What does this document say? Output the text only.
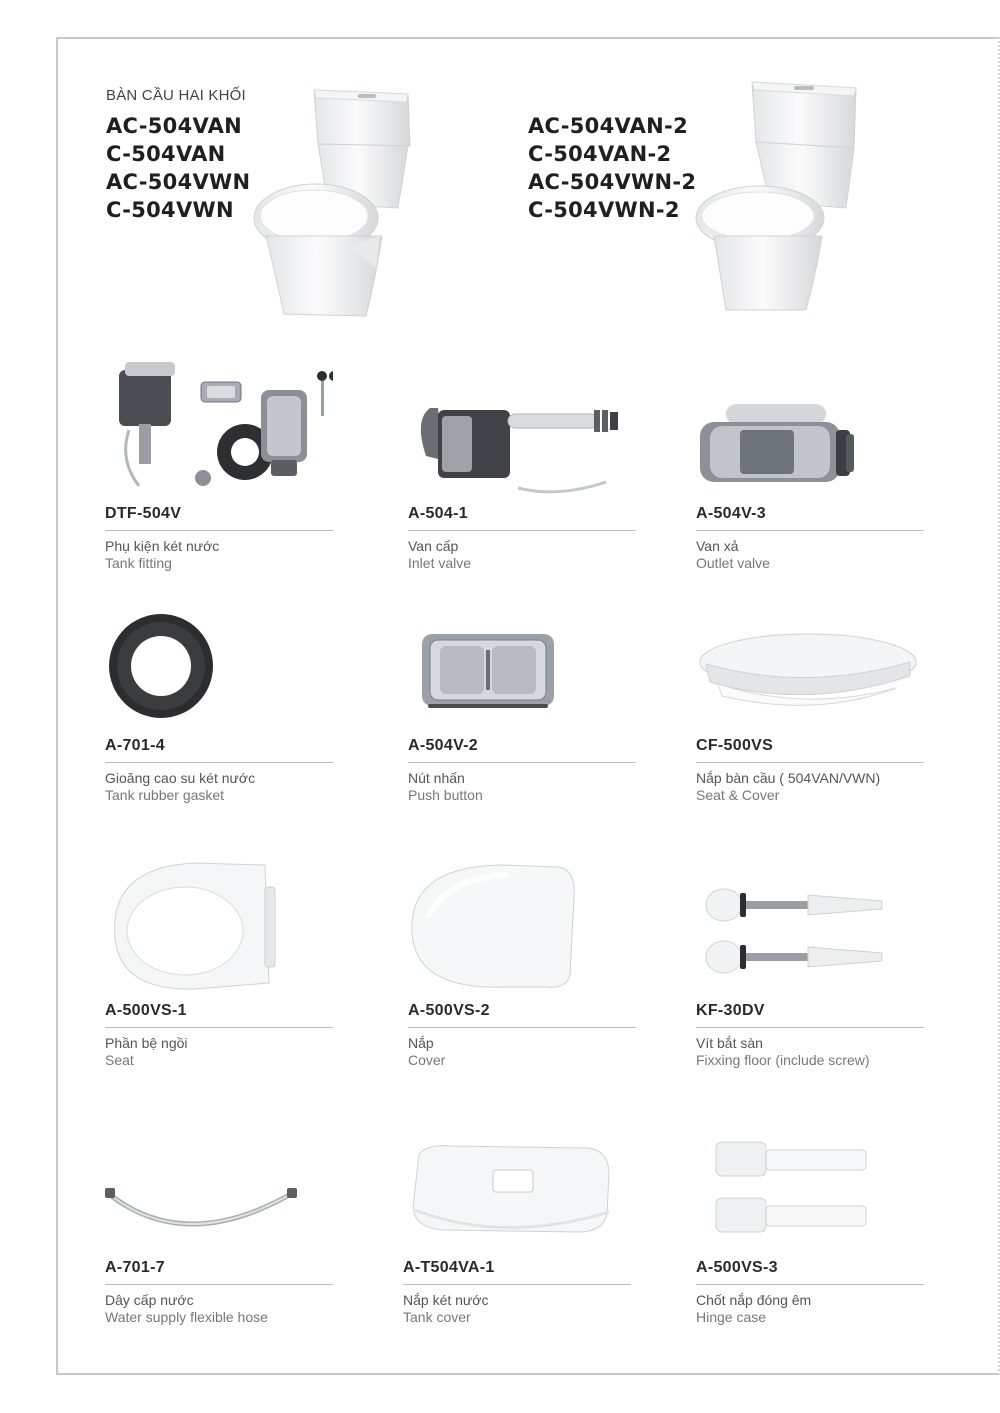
BÀN CẦU HAI KHỐI
AC-504VAN
C-504VAN
AC-504VWN
C-504VWN
AC-504VAN-2
C-504VAN-2
AC-504VWN-2
C-504VWN-2
DTF-504V
Phụ kiện két nước
Tank fitting
A-504-1
Van cấp
Inlet valve
A-504V-3
Van xả
Outlet valve
A-701-4
Gioăng cao su két nước
Tank rubber gasket
A-504V-2
Nút nhấn
Push button
CF-500VS
Nắp bàn cầu ( 504VAN/VWN)
Seat & Cover
A-500VS-1
Phần bệ ngồi
Seat
A-500VS-2
Nắp
Cover
KF-30DV
Vít bắt sàn
Fixxing floor (include screw)
A-701-7
Dây cấp nước
Water supply flexible hose
A-T504VA-1
Nắp két nước
Tank cover
A-500VS-3
Chốt nắp đóng êm
Hinge case
